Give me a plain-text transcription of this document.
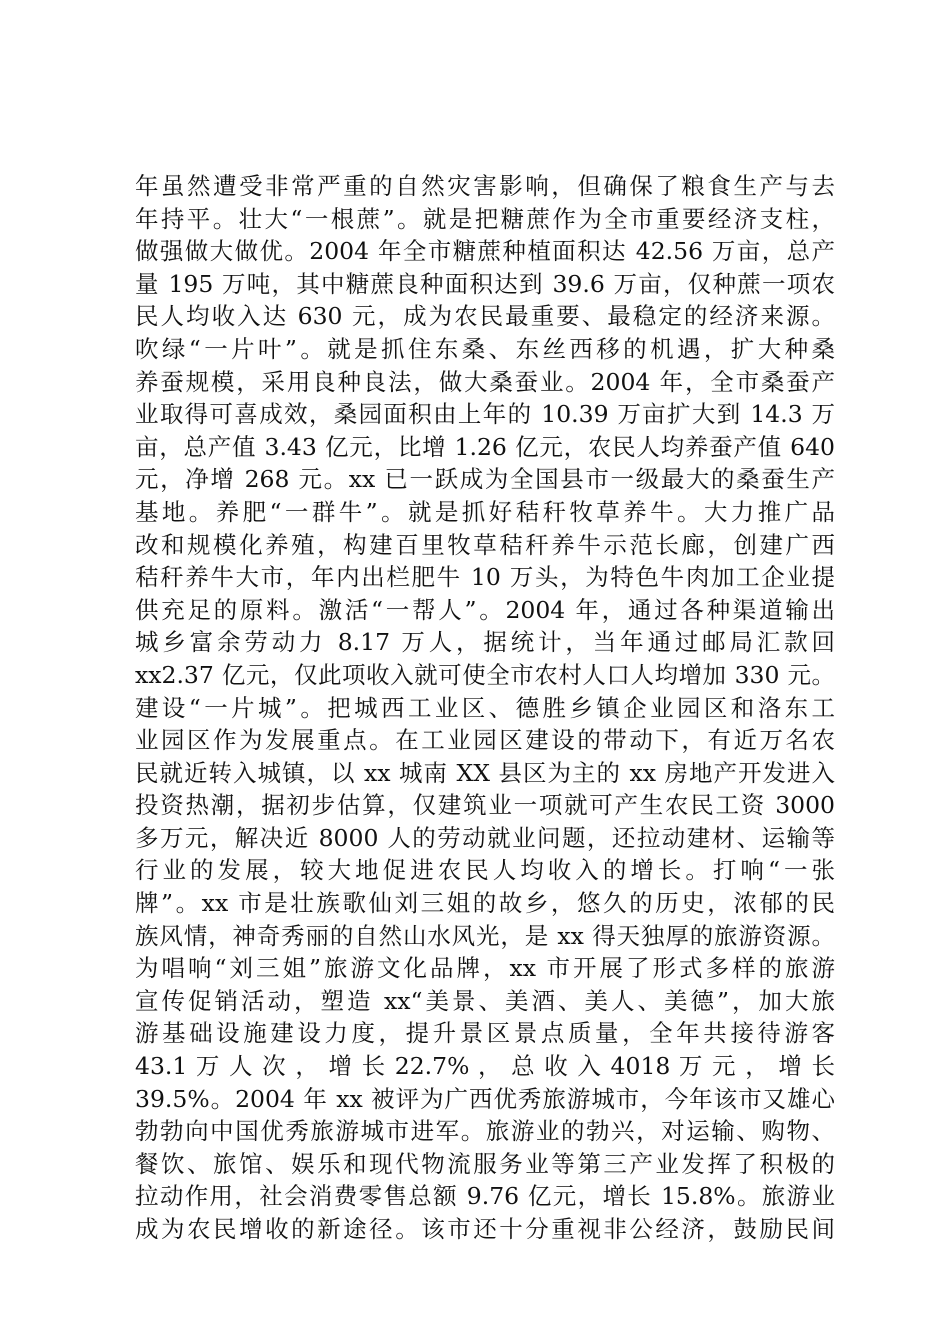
年虽然遭受非常严重的自然灾害影响，但确保了粮食生产与去
年持平。壮大“一根蔗”。就是把糖蔗作为全市重要经济支柱，
做强做大做优。2004 年全市糖蔗种植面积达 42.56 万亩，总产
量 195 万吨，其中糖蔗良种面积达到 39.6 万亩，仅种蔗一项农
民人均收入达 630 元，成为农民最重要、最稳定的经济来源。
吹绿“一片叶”。就是抓住东桑、东丝西移的机遇，扩大种桑
养蚕规模，采用良种良法，做大桑蚕业。2004 年，全市桑蚕产
业取得可喜成效，桑园面积由上年的 10.39 万亩扩大到 14.3 万
亩，总产值 3.43 亿元，比增 1.26 亿元，农民人均养蚕产值 640
元，净增 268 元。xx 已一跃成为全国县市一级最大的桑蚕生产
基地。养肥“一群牛”。就是抓好秸秆牧草养牛。大力推广品
改和规模化养殖，构建百里牧草秸秆养牛示范长廊，创建广西
秸秆养牛大市，年内出栏肥牛 10 万头，为特色牛肉加工企业提
供充足的原料。激活“一帮人”。2004 年，通过各种渠道输出
城乡富余劳动力 8.17 万人，据统计，当年通过邮局汇款回
xx2.37 亿元，仅此项收入就可使全市农村人口人均增加 330 元。
建设“一片城”。把城西工业区、德胜乡镇企业园区和洛东工
业园区作为发展重点。在工业园区建设的带动下，有近万名农
民就近转入城镇，以 xx 城南 XX 县区为主的 xx 房地产开发进入
投资热潮，据初步估算，仅建筑业一项就可产生农民工资 3000
多万元，解决近 8000 人的劳动就业问题，还拉动建材、运输等
行业的发展，较大地促进农民人均收入的增长。打响“一张
牌”。xx 市是壮族歌仙刘三姐的故乡，悠久的历史，浓郁的民
族风情，神奇秀丽的自然山水风光，是 xx 得天独厚的旅游资源。
为唱响“刘三姐”旅游文化品牌，xx 市开展了形式多样的旅游
宣传促销活动，塑造 xx“美景、美酒、美人、美德”，加大旅
游基础设施建设力度，提升景区景点质量，全年共接待游客
43.1 万 人 次 ， 增 长 22.7% ， 总 收 入 4018 万 元 ， 增 长
39.5%。2004 年 xx 被评为广西优秀旅游城市，今年该市又雄心
勃勃向中国优秀旅游城市进军。旅游业的勃兴，对运输、购物、
餐饮、旅馆、娱乐和现代物流服务业等第三产业发挥了积极的
拉动作用，社会消费零售总额 9.76 亿元，增长 15.8%。旅游业
成为农民增收的新途径。该市还十分重视非公经济，鼓励民间
